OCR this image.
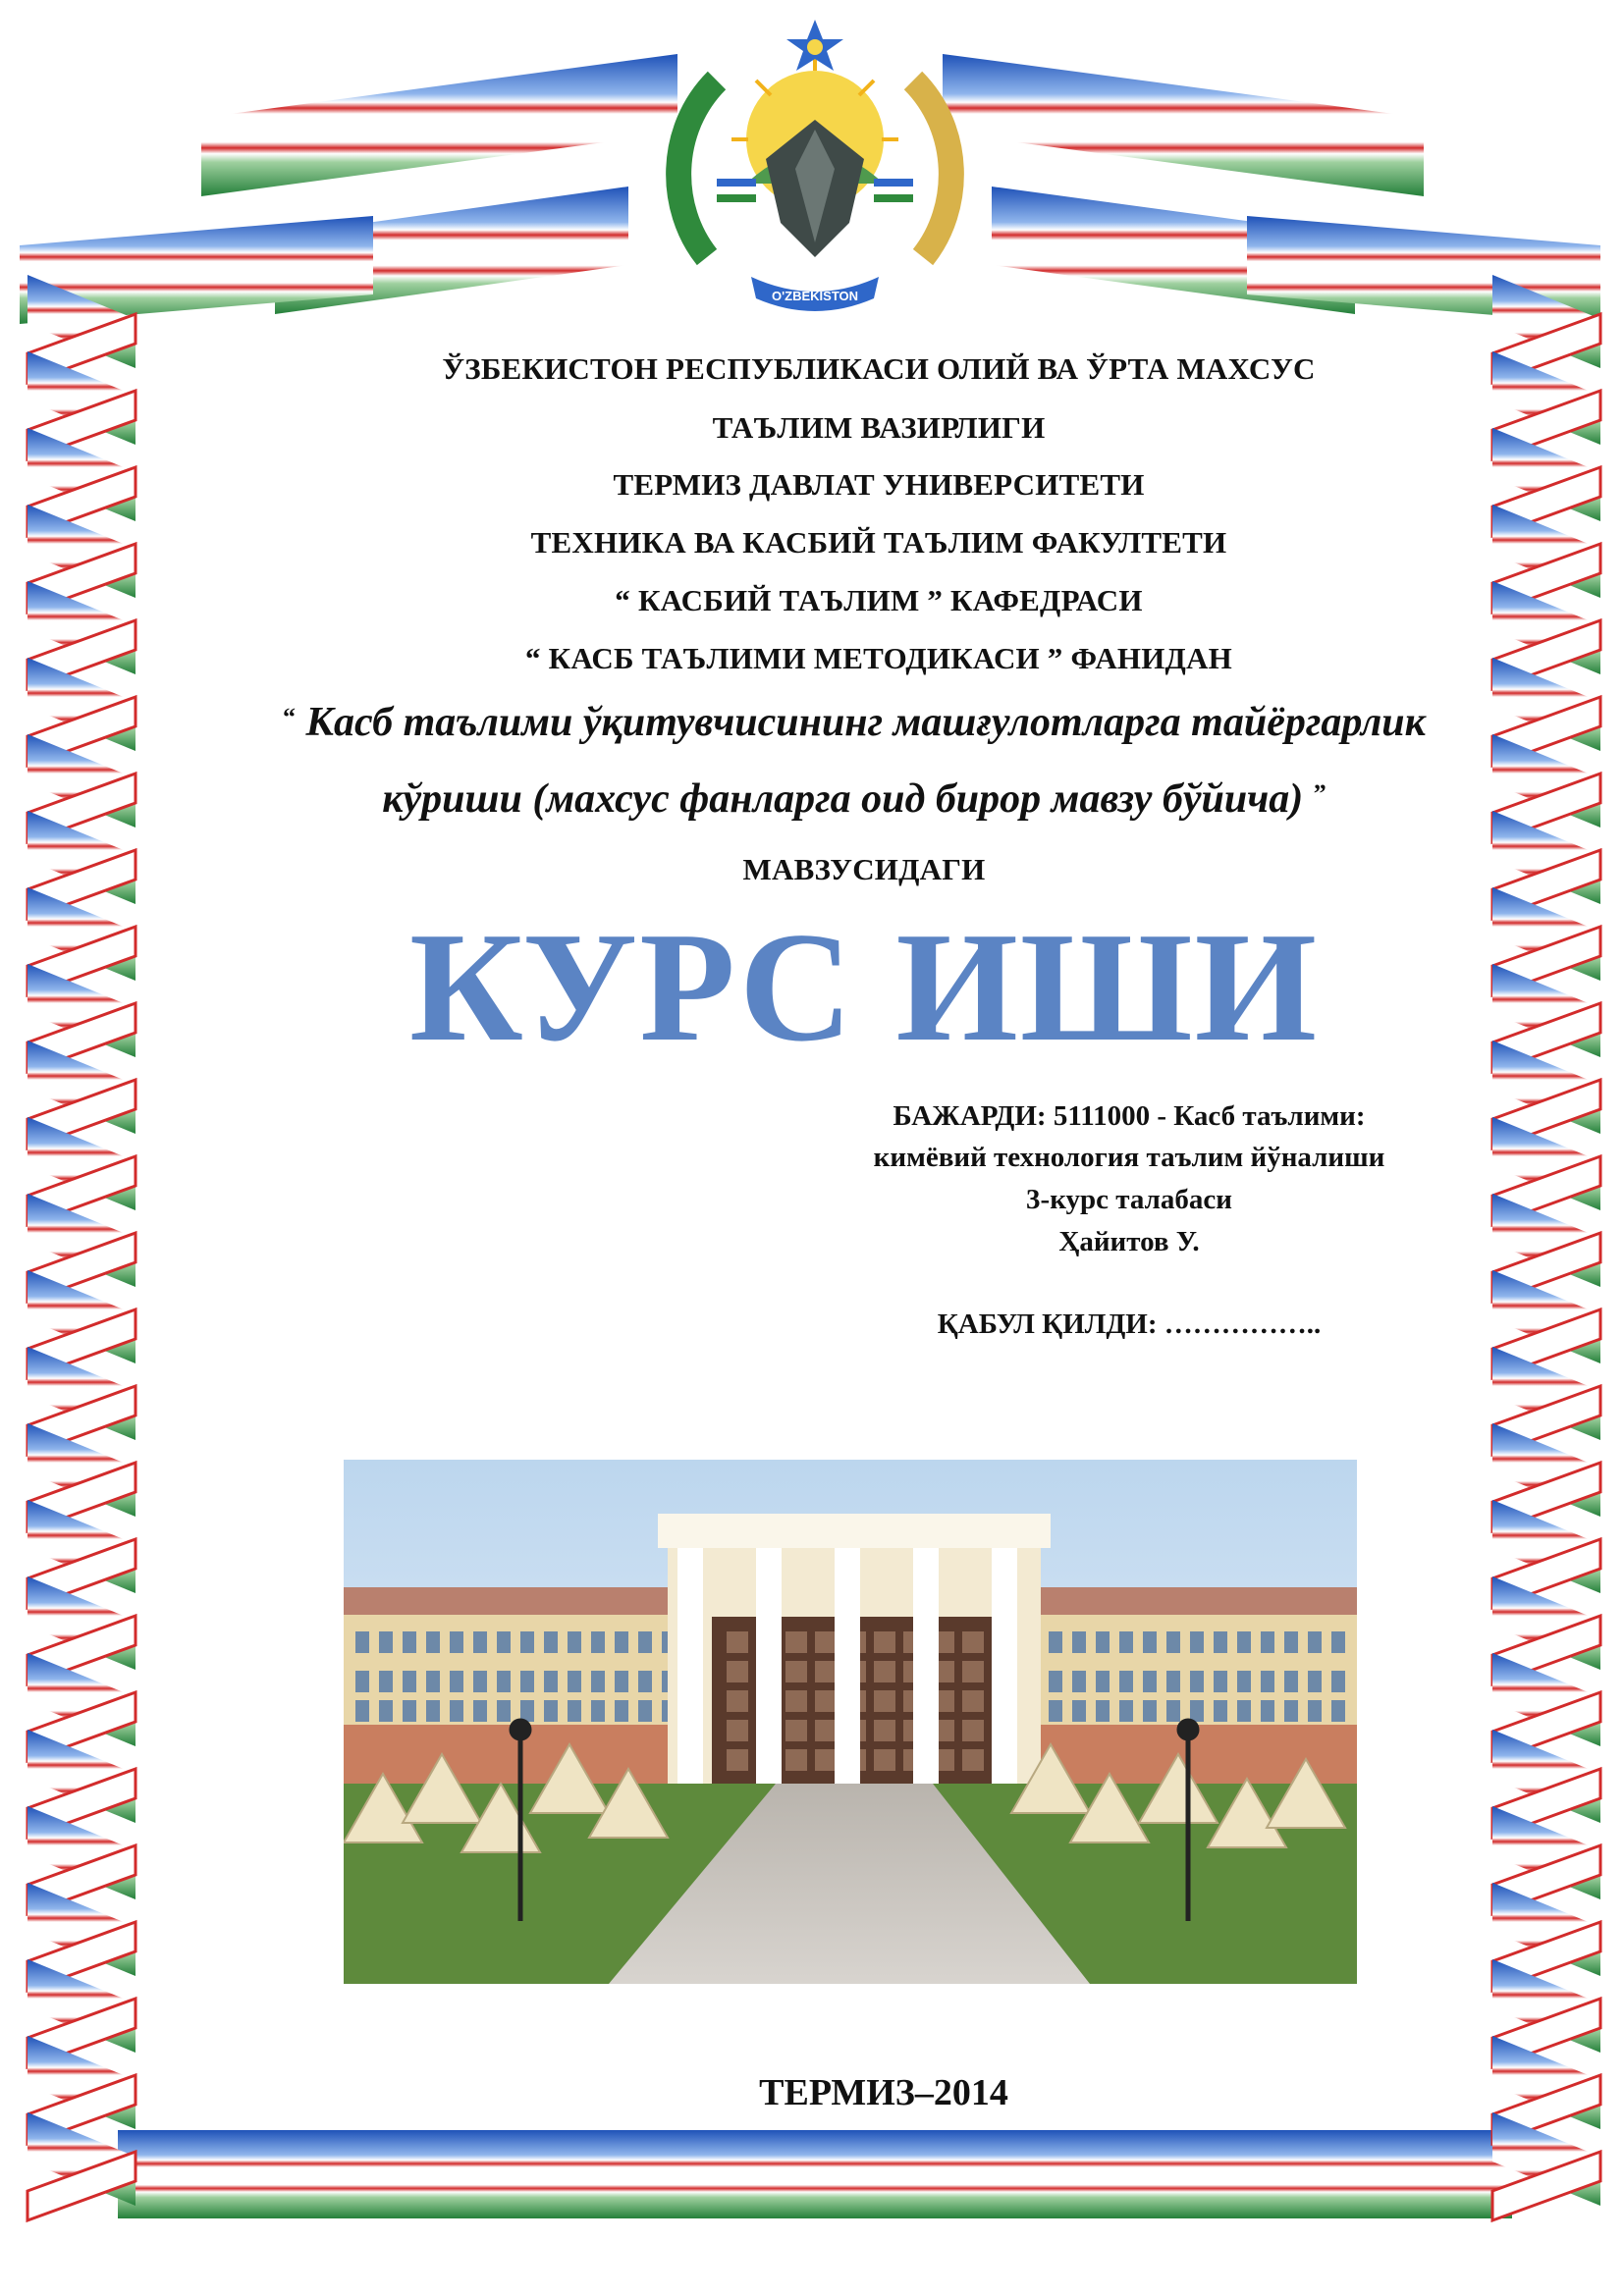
O'ZBEKISTON
ЎЗБЕКИСТОН РЕСПУБЛИКАСИ ОЛИЙ ВА ЎРТА МАХСУС
ТАЪЛИМ ВАЗИРЛИГИ
ТЕРМИЗ ДАВЛАТ УНИВЕРСИТЕТИ
ТЕХНИКА ВА КАСБИЙ ТАЪЛИМ ФАКУЛТЕТИ
“ КАСБИЙ ТАЪЛИМ ” КАФЕДРАСИ
“ КАСБ ТАЪЛИМИ МЕТОДИКАСИ ” ФАНИДАН
“ Касб таълими ўқитувчисининг машғулотларга тайёргарлик
кўриши (махсус фанларга оид бирор мавзу бўйича) ”
МАВЗУСИДАГИ
КУРС ИШИ
БАЖАРДИ: 5111000 - Касб таълими:
кимёвий технология таълим йўналиши
3-курс талабаси
Ҳайитов У.
ҚАБУЛ ҚИЛДИ: ……………..
ТЕРМИЗ–2014
